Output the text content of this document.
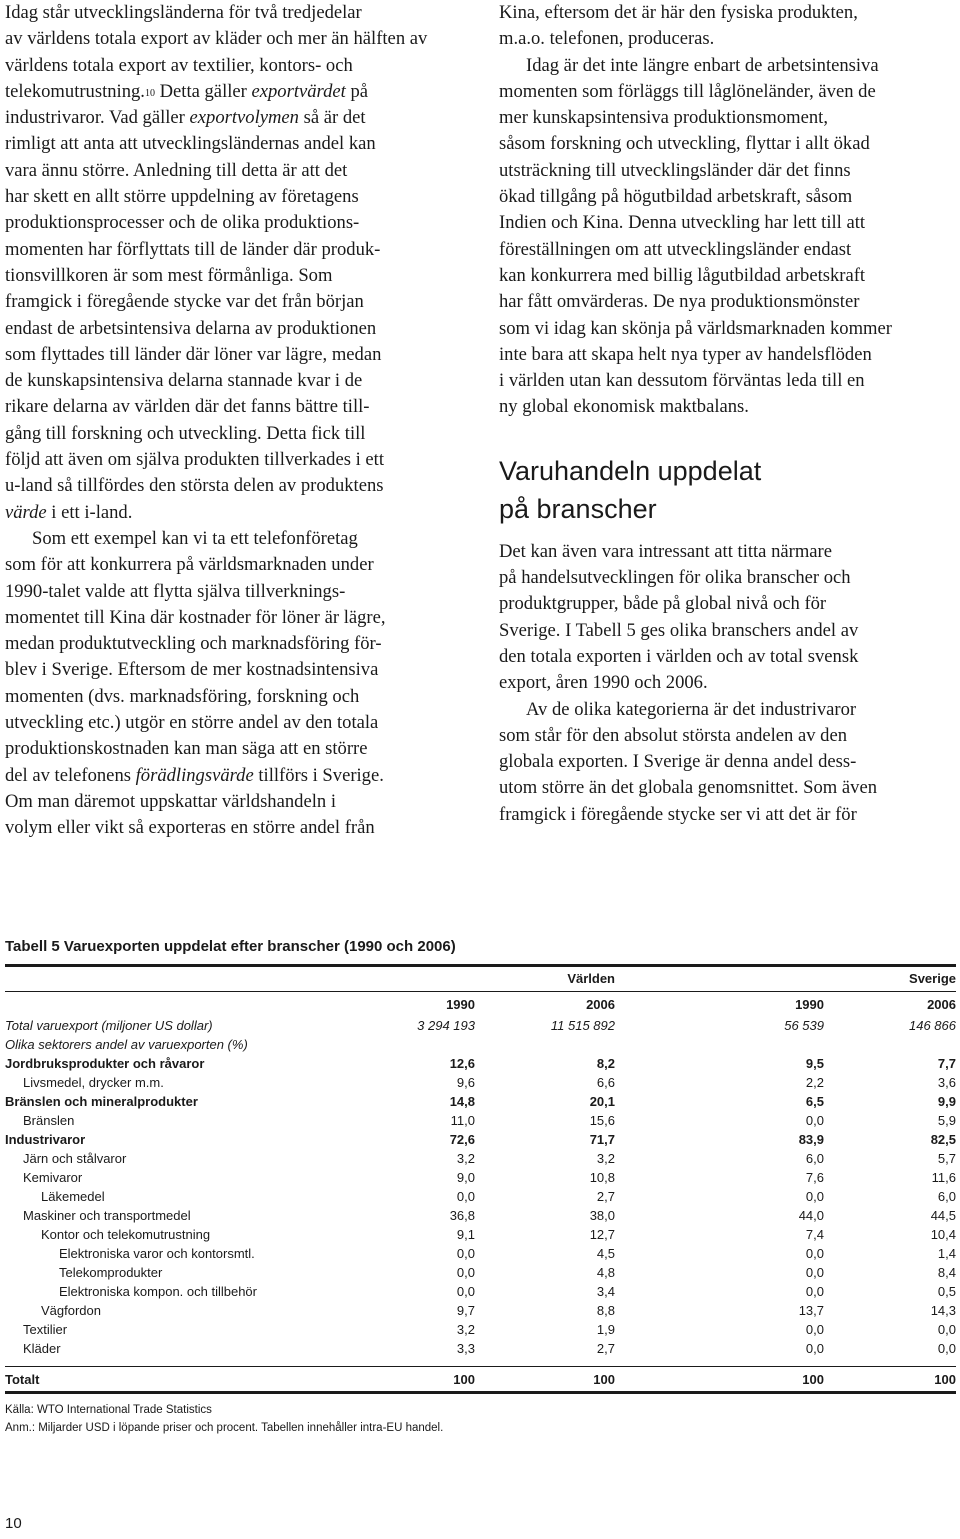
Idag står utvecklingsländerna för två tredjedelar
av världens totala export av kläder och mer än hälften av
världens totala export av textilier, kontors- och
telekomutrustning.$^{10}$ Detta gäller exportvärdet på
industrivaror. Vad gäller exportvolymen så är det
rimligt att anta att utvecklingsländernas andel kan
vara ännu större. Anledning till detta är att det
har skett en allt större uppdelning av företagens
produktionsprocesser och de olika produktions-
momenten har förflyttats till de länder där produk-
tionsvillkoren är som mest förmånliga. Som
framgick i föregående stycke var det från början
endast de arbetsintensiva delarna av produktionen
som flyttades till länder där löner var lägre, medan
de kunskapsintensiva delarna stannade kvar i de
rikare delarna av världen där det fanns bättre till-
gång till forskning och utveckling. Detta fick till
följd att även om själva produkten tillverkades i ett
u-land så tillfördes den största delen av produktens
värde i ett i-land.
Som ett exempel kan vi ta ett telefonföretag
som för att konkurrera på världsmarknaden under
1990-talet valde att flytta själva tillverknings-
momentet till Kina där kostnader för löner är lägre,
medan produktutveckling och marknadsföring för-
blev i Sverige. Eftersom de mer kostnadsintensiva
momenten (dvs. marknadsföring, forskning och
utveckling etc.) utgör en större andel av den totala
produktionskostnaden kan man säga att en större
del av telefonens förädlingsvärde tillförs i Sverige.
Om man däremot uppskattar världshandeln i
volym eller vikt så exporteras en större andel från
Kina, eftersom det är här den fysiska produkten,
m.a.o. telefonen, produceras.
Idag är det inte längre enbart de arbetsintensiva
momenten som förläggs till låglöneländer, även de
mer kunskapsintensiva produktionsmoment,
såsom forskning och utveckling, flyttar i allt ökad
utsträckning till utvecklingsländer där det finns
ökad tillgång på högutbildad arbetskraft, såsom
Indien och Kina. Denna utveckling har lett till att
föreställningen om att utvecklingsländer endast
kan konkurrera med billig lågutbildad arbetskraft
har fått omvärderas. De nya produktionsmönster
som vi idag kan skönja på världsmarknaden kommer
inte bara att skapa helt nya typer av handelsflöden
i världen utan kan dessutom förväntas leda till en
ny global ekonomisk maktbalans.
Varuhandeln uppdelat
på branscher
Det kan även vara intressant att titta närmare
på handelsutvecklingen för olika branscher och
produktgrupper, både på global nivå och för
Sverige. I Tabell 5 ges olika branschers andel av
den totala exporten i världen och av total svensk
export, åren 1990 och 2006.
Av de olika kategorierna är det industrivaror
som står för den absolut största andelen av den
globala exporten. I Sverige är denna andel dess-
utom större än det globala genomsnittet. Som även
framgick i föregående stycke ser vi att det är för
Tabell 5 Varuexporten uppdelat efter branscher (1990 och 2006)
	Världen	Sverige
	1990	2006	1990	2006
Total varuexport (miljoner US dollar)	3 294 193	11 515 892	56 539	146 866
Olika sektorers andel av varuexporten (%)				
Jordbruksprodukter och råvaror	12,6	8,2	9,5	7,7
Livsmedel, drycker m.m.	9,6	6,6	2,2	3,6
Bränslen och mineralprodukter	14,8	20,1	6,5	9,9
Bränslen	11,0	15,6	0,0	5,9
Industrivaror	72,6	71,7	83,9	82,5
Järn och stålvaror	3,2	3,2	6,0	5,7
Kemivaror	9,0	10,8	7,6	11,6
Läkemedel	0,0	2,7	0,0	6,0
Maskiner och transportmedel	36,8	38,0	44,0	44,5
Kontor och telekomutrustning	9,1	12,7	7,4	10,4
Elektroniska varor och kontorsmtl.	0,0	4,5	0,0	1,4
Telekomprodukter	0,0	4,8	0,0	8,4
Elektroniska kompon. och tillbehör	0,0	3,4	0,0	0,5
Vägfordon	9,7	8,8	13,7	14,3
Textilier	3,2	1,9	0,0	0,0
Kläder	3,3	2,7	0,0	0,0
Totalt	100	100	100	100
Källa: WTO International Trade Statistics
Anm.: Miljarder USD i löpande priser och procent. Tabellen innehåller intra-EU handel.
10
